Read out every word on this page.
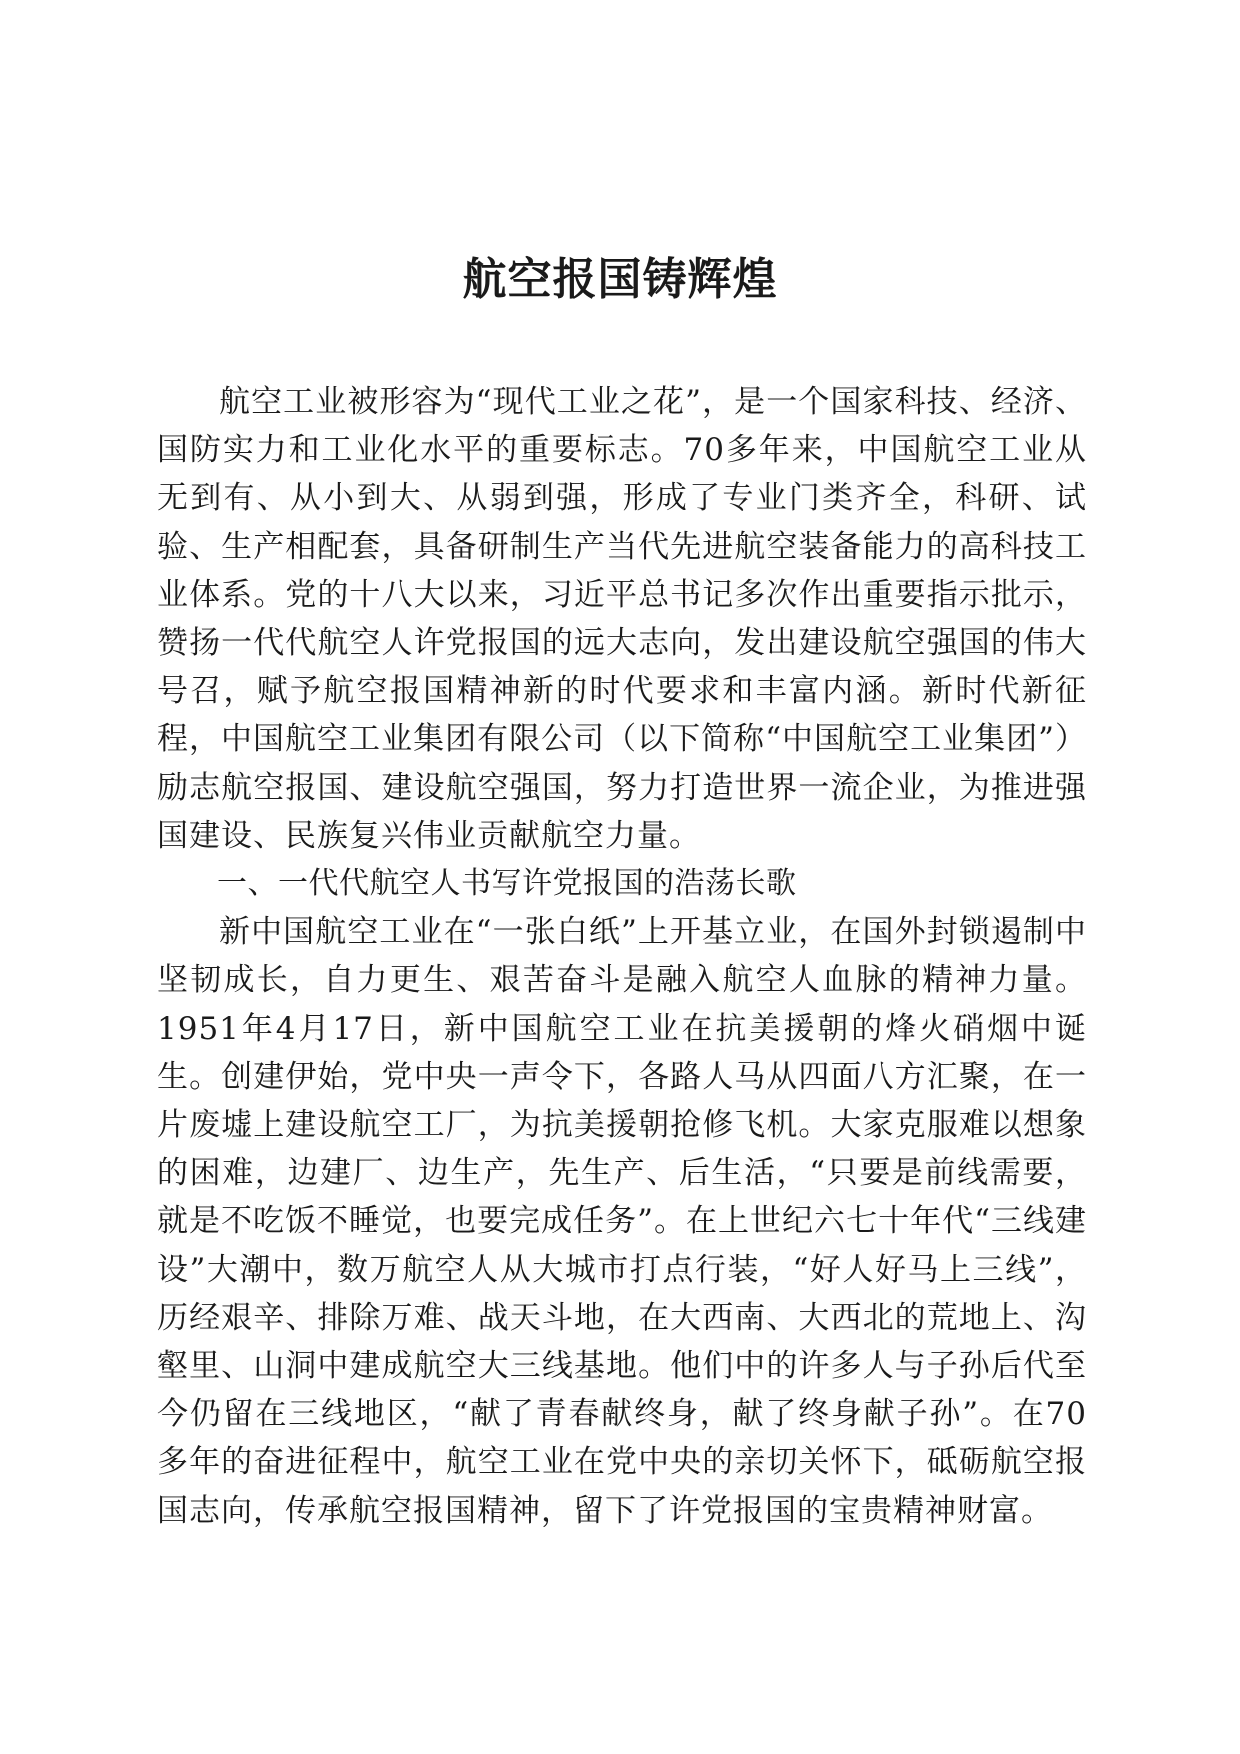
航空报国铸辉煌

航空工业被形容为“现代工业之花”，是一个国家科技、经济、国防实力和工业化水平的重要标志。70多年来，中国航空工业从无到有、从小到大、从弱到强，形成了专业门类齐全，科研、试验、生产相配套，具备研制生产当代先进航空装备能力的高科技工业体系。党的十八大以来，习近平总书记多次作出重要指示批示，赞扬一代代航空人许党报国的远大志向，发出建设航空强国的伟大号召，赋予航空报国精神新的时代要求和丰富内涵。新时代新征程，中国航空工业集团有限公司（以下简称“中国航空工业集团”）励志航空报国、建设航空强国，努力打造世界一流企业，为推进强国建设、民族复兴伟业贡献航空力量。

一、一代代航空人书写许党报国的浩荡长歌

新中国航空工业在“一张白纸”上开基立业，在国外封锁遏制中坚韧成长，自力更生、艰苦奋斗是融入航空人血脉的精神力量。1951年4月17日，新中国航空工业在抗美援朝的烽火硝烟中诞生。创建伊始，党中央一声令下，各路人马从四面八方汇聚，在一片废墟上建设航空工厂，为抗美援朝抢修飞机。大家克服难以想象的困难，边建厂、边生产，先生产、后生活，“只要是前线需要，就是不吃饭不睡觉，也要完成任务”。在上世纪六七十年代“三线建设”大潮中，数万航空人从大城市打点行装，“好人好马上三线”，历经艰辛、排除万难、战天斗地，在大西南、大西北的荒地上、沟壑里、山洞中建成航空大三线基地。他们中的许多人与子孙后代至今仍留在三线地区，“献了青春献终身，献了终身献子孙”。在70多年的奋进征程中，航空工业在党中央的亲切关怀下，砥砺航空报国志向，传承航空报国精神，留下了许党报国的宝贵精神财富。
